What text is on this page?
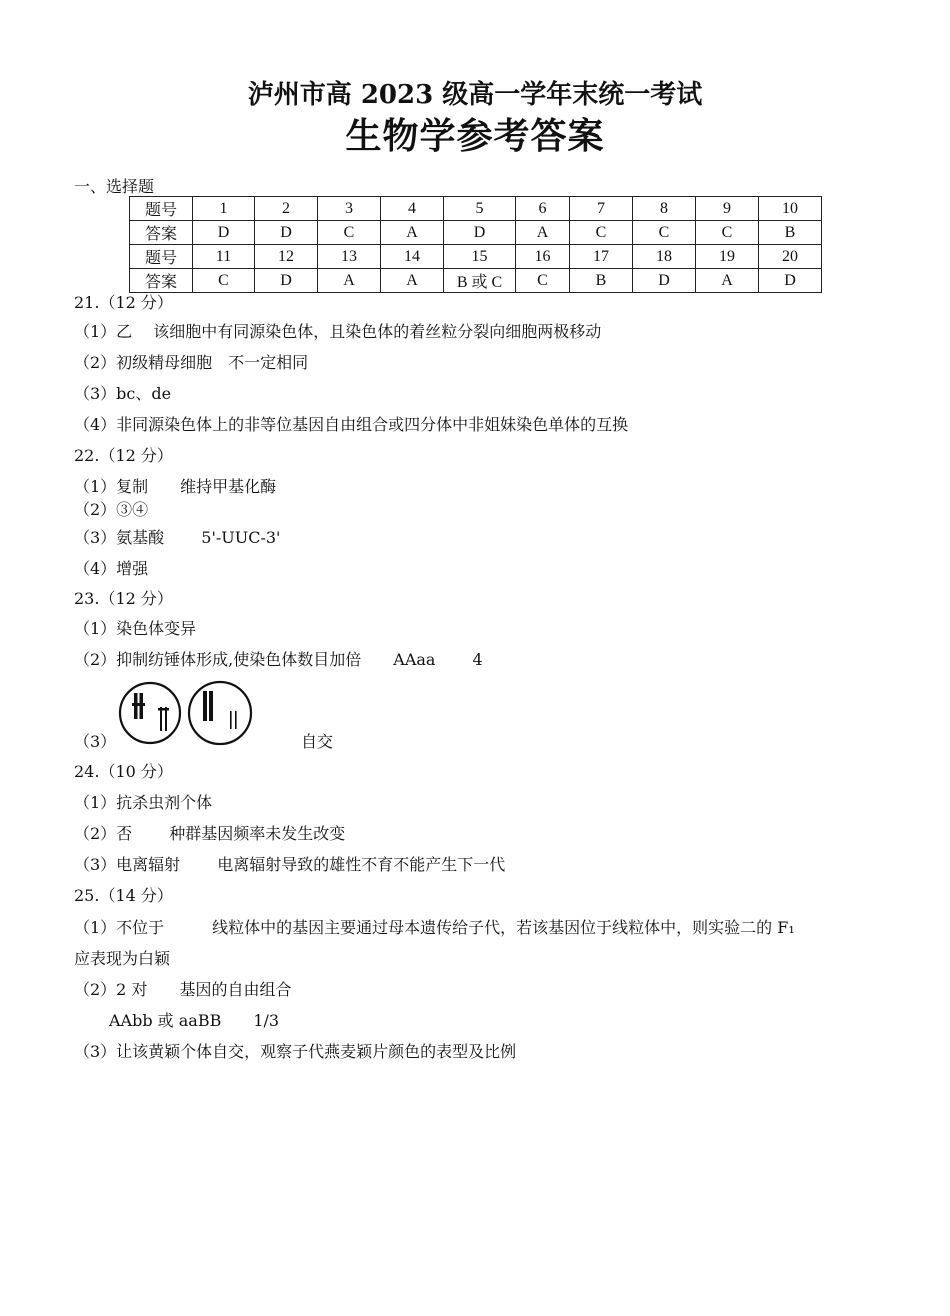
泸州市高 2023 级高一学年末统一考试
生物学参考答案
一、选择题
题号	1	2	3	4	5	6	7	8	9	10
答案	D	D	C	A	D	A	C	C	C	B
题号	11	12	13	14	15	16	17	18	19	20
答案	C	D	A	A	B 或 C	C	B	D	A	D
21.（12 分）
（1）乙　 该细胞中有同源染色体，且染色体的着丝粒分裂向细胞两极移动
（2）初级精母细胞　不一定相同
（3）bc、de
（4）非同源染色体上的非等位基因自由组合或四分体中非姐妹染色单体的互换
22.（12 分）
（1）复制　　维持甲基化酶
（2）③④
（3）氨基酸　　 5'-UUC-3'
（4）增强
23.（12 分）
（1）染色体变异
（2）抑制纺锤体形成,使染色体数目加倍　　AAaa　　 4
（3）	自交
24.（10 分）
（1）抗杀虫剂个体
（2）否　　 种群基因频率未发生改变
（3）电离辐射　　 电离辐射导致的雄性不育不能产生下一代
25.（14 分）
（1）不位于　　　线粒体中的基因主要通过母本遗传给子代，若该基因位于线粒体中，则实验二的 F₁
应表现为白颖
（2）2 对　　基因的自由组合
AAbb 或 aaBB　　1/3
（3）让该黄颖个体自交，观察子代燕麦颖片颜色的表型及比例
